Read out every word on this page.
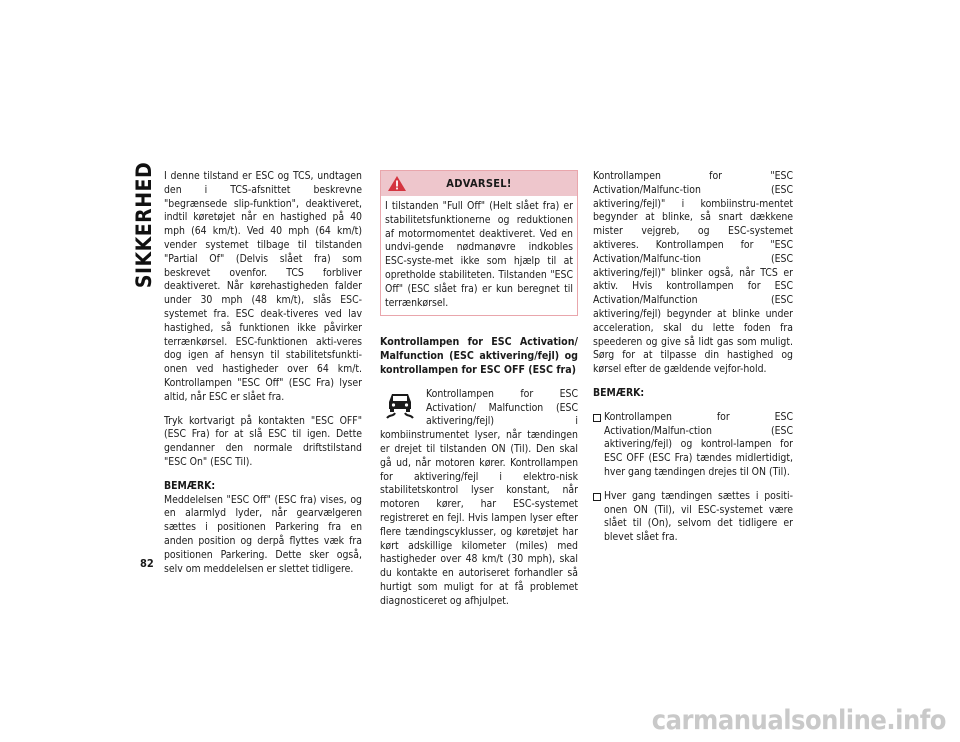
SIKKERHED
82

I denne tilstand er ESC og TCS, undtagen den i TCS-afsnittet beskrevne "begrænsede slip-funktion", deaktiveret, indtil køretøjet når en hastighed på 40 mph (64 km/t). Ved 40 mph (64 km/t) vender systemet tilbage til tilstanden "Partial Of" (Delvis slået fra) som beskrevet ovenfor. TCS forbliver deaktiveret. Når kørehastigheden falder under 30 mph (48 km/t), slås ESC-systemet fra. ESC deak-tiveres ved lav hastighed, så funktionen ikke påvirker terrænkørsel. ESC-funktionen akti-veres dog igen af hensyn til stabilitetsfunkti-onen ved hastigheder over 64 km/t. Kontrollampen "ESC Off" (ESC Fra) lyser altid, når ESC er slået fra.

Tryk kortvarigt på kontakten "ESC OFF" (ESC Fra) for at slå ESC til igen. Dette gendanner den normale driftstilstand "ESC On" (ESC Til).

BEMÆRK:

Meddelelsen "ESC Off" (ESC fra) vises, og en alarmlyd lyder, når gearvælgeren sættes i positionen Parkering fra en anden position og derpå flyttes væk fra positionen Parkering. Dette sker også, selv om meddelelsen er slettet tidligere.

ADVARSEL!

I tilstanden "Full Off" (Helt slået fra) er stabilitetsfunktionerne og reduktionen af motormomentet deaktiveret. Ved en undvi-gende nødmanøvre indkobles ESC-syste-met ikke som hjælp til at opretholde stabiliteten. Tilstanden "ESC Off" (ESC slået fra) er kun beregnet til terrænkørsel.

Kontrollampen for ESC Activation/ Malfunction (ESC aktivering/fejl) og kontrollampen for ESC OFF (ESC fra)

Kontrollampen for ESC Activation/ Malfunction (ESC aktivering/fejl) i kombiinstrumentet lyser, når tændingen er drejet til tilstanden ON (Til). Den skal gå ud, når motoren kører. Kontrollampen for aktivering/fejl i elektro-nisk stabilitetskontrol lyser konstant, når motoren kører, har ESC-systemet registreret en fejl. Hvis lampen lyser efter flere tændingscyklusser, og køretøjet har kørt adskillige kilometer (miles) med hastigheder over 48 km/t (30 mph), skal du kontakte en autoriseret forhandler så hurtigt som muligt for at få problemet diagnosticeret og afhjulpet.

Kontrollampen for "ESC Activation/Malfunc-tion (ESC aktivering/fejl)" i kombiinstru-mentet begynder at blinke, så snart dækkene mister vejgreb, og ESC-systemet aktiveres. Kontrollampen for "ESC Activation/Malfunc-tion (ESC aktivering/fejl)" blinker også, når TCS er aktiv. Hvis kontrollampen for ESC Activation/Malfunction (ESC aktivering/fejl) begynder at blinke under acceleration, skal du lette foden fra speederen og give så lidt gas som muligt. Sørg for at tilpasse din hastighed og kørsel efter de gældende vejfor-hold.

BEMÆRK:

Kontrollampen for ESC Activation/Malfun-ction (ESC aktivering/fejl) og kontrol-lampen for ESC OFF (ESC Fra) tændes midlertidigt, hver gang tændingen drejes til ON (Til).
Hver gang tændingen sættes i positi-onen ON (Til), vil ESC-systemet være slået til (On), selvom det tidligere er blevet slået fra.
carmanualsonline.info
